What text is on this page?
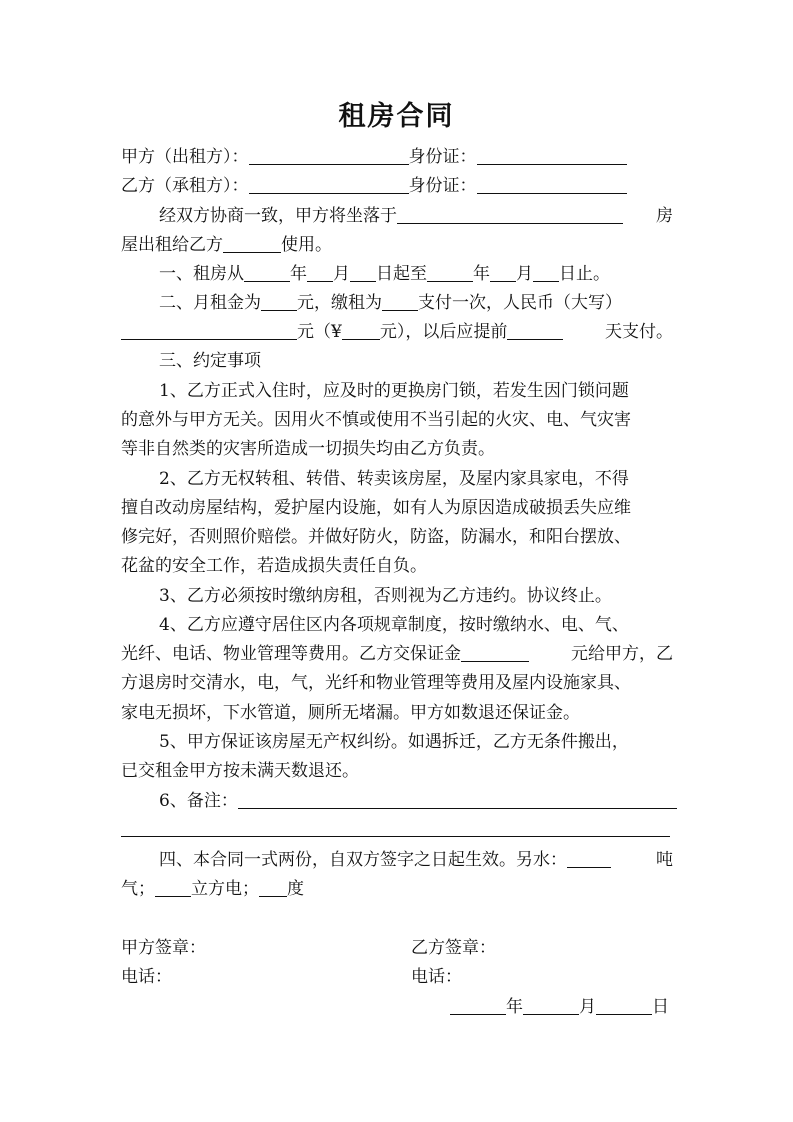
租房合同
甲方（出租方）：	身份证：
乙方（承租方）：	身份证：
经双方协商一致，甲方将坐落于	房
屋出租给乙方	使用。
一、租房从	年 月 日起至	年 月 日止。
二、月租金为 元，缴租为 支付一次，人民币（大写）
元（¥ 元），以后应提前	天支付。
三、约定事项
1、乙方正式入住时，应及时的更换房门锁，若发生因门锁问题
的意外与甲方无关。因用火不慎或使用不当引起的火灾、电、气灾害
等非自然类的灾害所造成一切损失均由乙方负责。
2、乙方无权转租、转借、转卖该房屋，及屋内家具家电，不得
擅自改动房屋结构，爱护屋内设施，如有人为原因造成破损丢失应维
修完好，否则照价赔偿。并做好防火，防盗，防漏水，和阳台摆放、
花盆的安全工作，若造成损失责任自负。
3、乙方必须按时缴纳房租，否则视为乙方违约。协议终止。
4、乙方应遵守居住区内各项规章制度，按时缴纳水、电、气、
光纤、电话、物业管理等费用。乙方交保证金	元给甲方，乙
方退房时交清水，电，气，光纤和物业管理等费用及屋内设施家具、
家电无损坏，下水管道，厕所无堵漏。甲方如数退还保证金。
5、甲方保证该房屋无产权纠纷。如遇拆迁，乙方无条件搬出，
已交租金甲方按未满天数退还。
6、备注：
四、本合同一式两份，自双方签字之日起生效。另水：	吨
气； 立方电； 度
甲方签章：	乙方签章：
电话：	电话：
年	月	日
